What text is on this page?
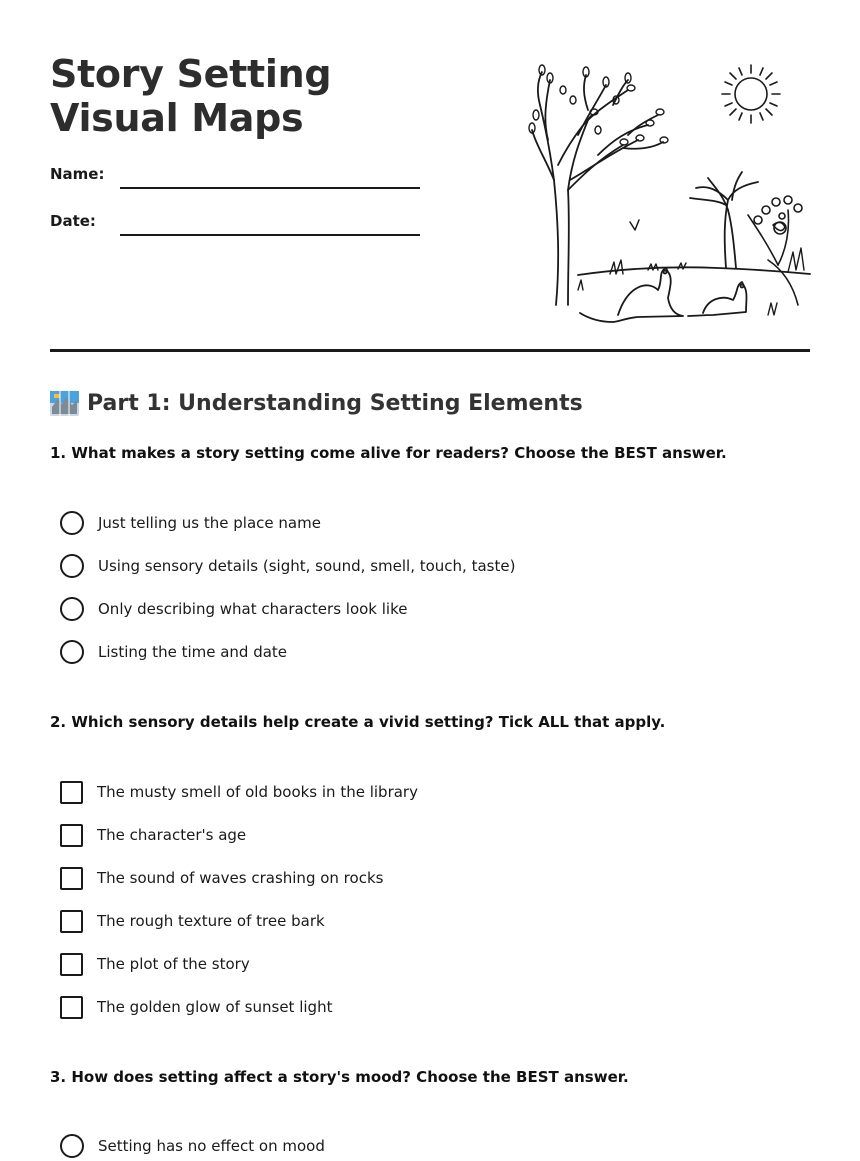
Story Setting Visual Maps
Name:
Date:
Part 1: Understanding Setting Elements

1. What makes a story setting come alive for readers? Choose the BEST answer.

Just telling us the place name
Using sensory details (sight, sound, smell, touch, taste)
Only describing what characters look like
Listing the time and date

2. Which sensory details help create a vivid setting? Tick ALL that apply.

The musty smell of old books in the library
The character's age
The sound of waves crashing on rocks
The rough texture of tree bark
The plot of the story
The golden glow of sunset light

3. How does setting affect a story's mood? Choose the BEST answer.

Setting has no effect on mood
